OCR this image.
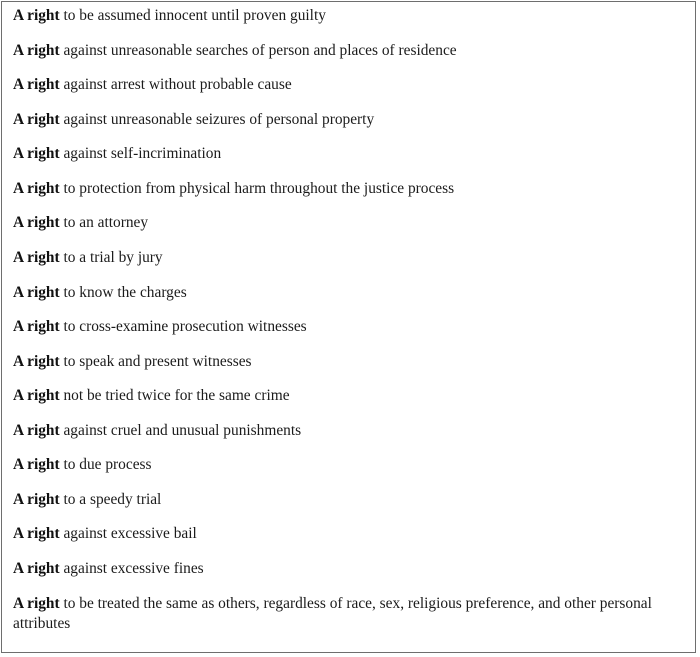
A right to be assumed innocent until proven guilty
A right against unreasonable searches of person and places of residence
A right against arrest without probable cause
A right against unreasonable seizures of personal property
A right against self-incrimination
A right to protection from physical harm throughout the justice process
A right to an attorney
A right to a trial by jury
A right to know the charges
A right to cross-examine prosecution witnesses
A right to speak and present witnesses
A right not be tried twice for the same crime
A right against cruel and unusual punishments
A right to due process
A right to a speedy trial
A right against excessive bail
A right against excessive fines
A right to be treated the same as others, regardless of race, sex, religious preference, and other personal attributes
